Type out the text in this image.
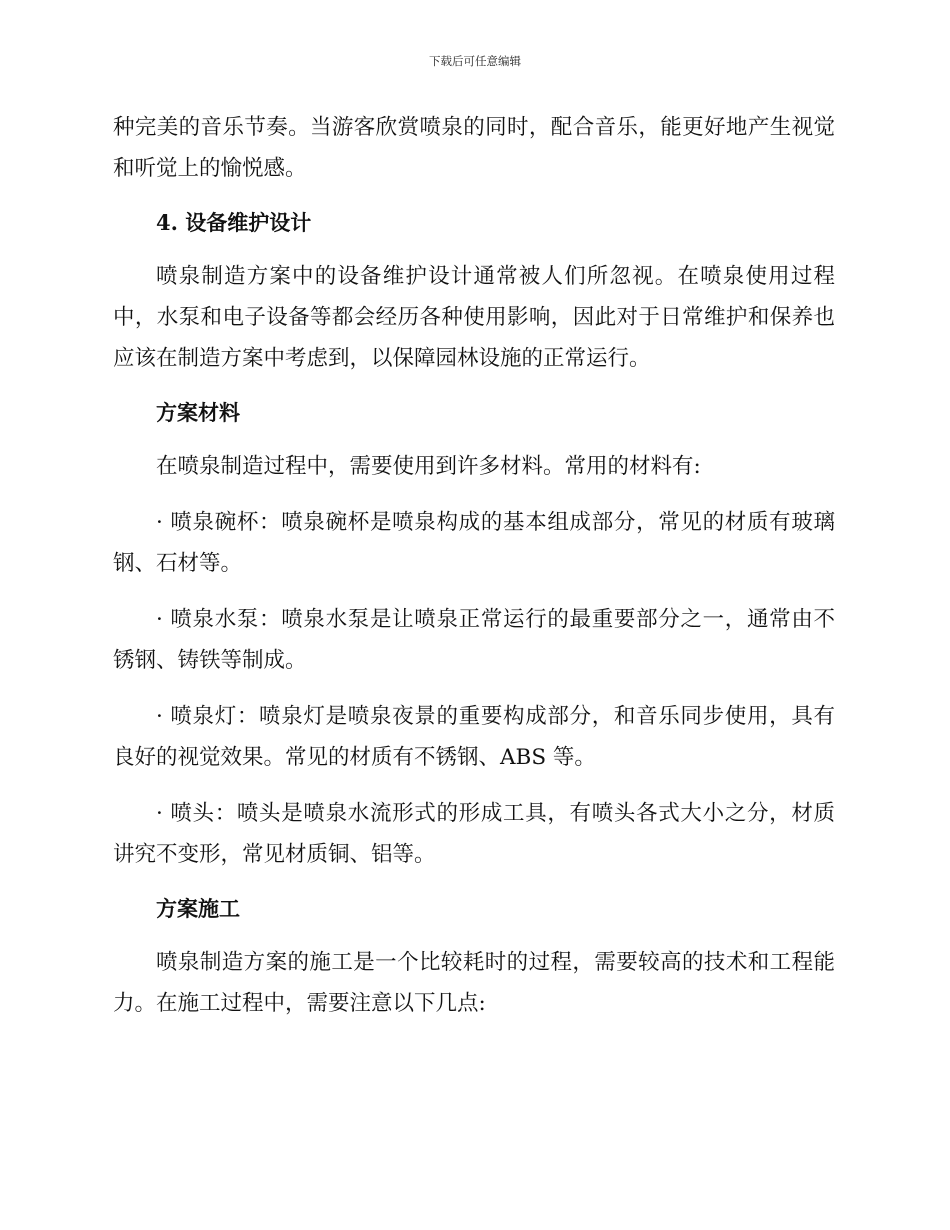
下载后可任意编辑

种完美的音乐节奏。当游客欣赏喷泉的同时，配合音乐，能更好地产生视觉和听觉上的愉悦感。

4. 设备维护设计

喷泉制造方案中的设备维护设计通常被人们所忽视。在喷泉使用过程中，水泵和电子设备等都会经历各种使用影响，因此对于日常维护和保养也应该在制造方案中考虑到，以保障园林设施的正常运行。

方案材料

在喷泉制造过程中，需要使用到许多材料。常用的材料有:

· 喷泉碗杯：喷泉碗杯是喷泉构成的基本组成部分，常见的材质有玻璃钢、石材等。

· 喷泉水泵：喷泉水泵是让喷泉正常运行的最重要部分之一，通常由不锈钢、铸铁等制成。

· 喷泉灯：喷泉灯是喷泉夜景的重要构成部分，和音乐同步使用，具有良好的视觉效果。常见的材质有不锈钢、ABS 等。

· 喷头：喷头是喷泉水流形式的形成工具，有喷头各式大小之分，材质讲究不变形，常见材质铜、铝等。

方案施工

喷泉制造方案的施工是一个比较耗时的过程，需要较高的技术和工程能力。在施工过程中，需要注意以下几点:
